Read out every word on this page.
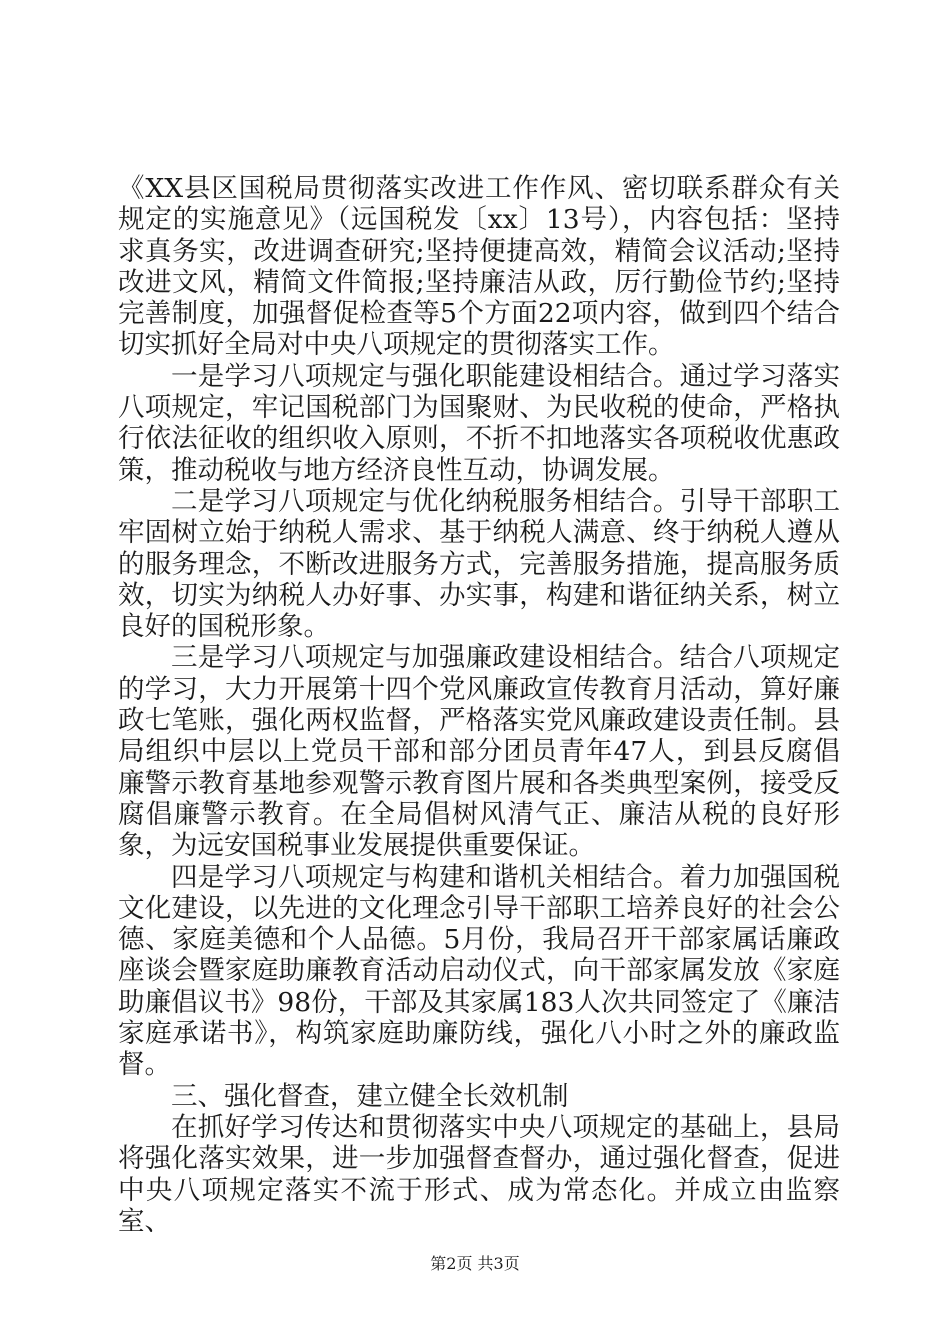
《XX县区国税局贯彻落实改进工作作风、密切联系群众有关规定的实施意见》（远国税发〔xx〕13号），内容包括：坚持求真务实，改进调查研究;坚持便捷高效，精简会议活动;坚持改进文风，精简文件简报;坚持廉洁从政，厉行勤俭节约;坚持完善制度，加强督促检查等5个方面22项内容，做到四个结合切实抓好全局对中央八项规定的贯彻落实工作。

一是学习八项规定与强化职能建设相结合。通过学习落实八项规定，牢记国税部门为国聚财、为民收税的使命，严格执行依法征收的组织收入原则，不折不扣地落实各项税收优惠政策，推动税收与地方经济良性互动，协调发展。

二是学习八项规定与优化纳税服务相结合。引导干部职工牢固树立始于纳税人需求、基于纳税人满意、终于纳税人遵从的服务理念，不断改进服务方式，完善服务措施，提高服务质效，切实为纳税人办好事、办实事，构建和谐征纳关系，树立良好的国税形象。

三是学习八项规定与加强廉政建设相结合。结合八项规定的学习，大力开展第十四个党风廉政宣传教育月活动，算好廉政七笔账，强化两权监督，严格落实党风廉政建设责任制。县局组织中层以上党员干部和部分团员青年47人，到县反腐倡廉警示教育基地参观警示教育图片展和各类典型案例，接受反腐倡廉警示教育。在全局倡树风清气正、廉洁从税的良好形象，为远安国税事业发展提供重要保证。

四是学习八项规定与构建和谐机关相结合。着力加强国税文化建设，以先进的文化理念引导干部职工培养良好的社会公德、家庭美德和个人品德。5月份，我局召开干部家属话廉政座谈会暨家庭助廉教育活动启动仪式，向干部家属发放《家庭助廉倡议书》98份，干部及其家属183人次共同签定了《廉洁家庭承诺书》，构筑家庭助廉防线，强化八小时之外的廉政监督。

三、强化督查，建立健全长效机制

在抓好学习传达和贯彻落实中央八项规定的基础上，县局将强化落实效果，进一步加强督查督办，通过强化督查，促进中央八项规定落实不流于形式、成为常态化。并成立由监察室、

第2页 共3页
